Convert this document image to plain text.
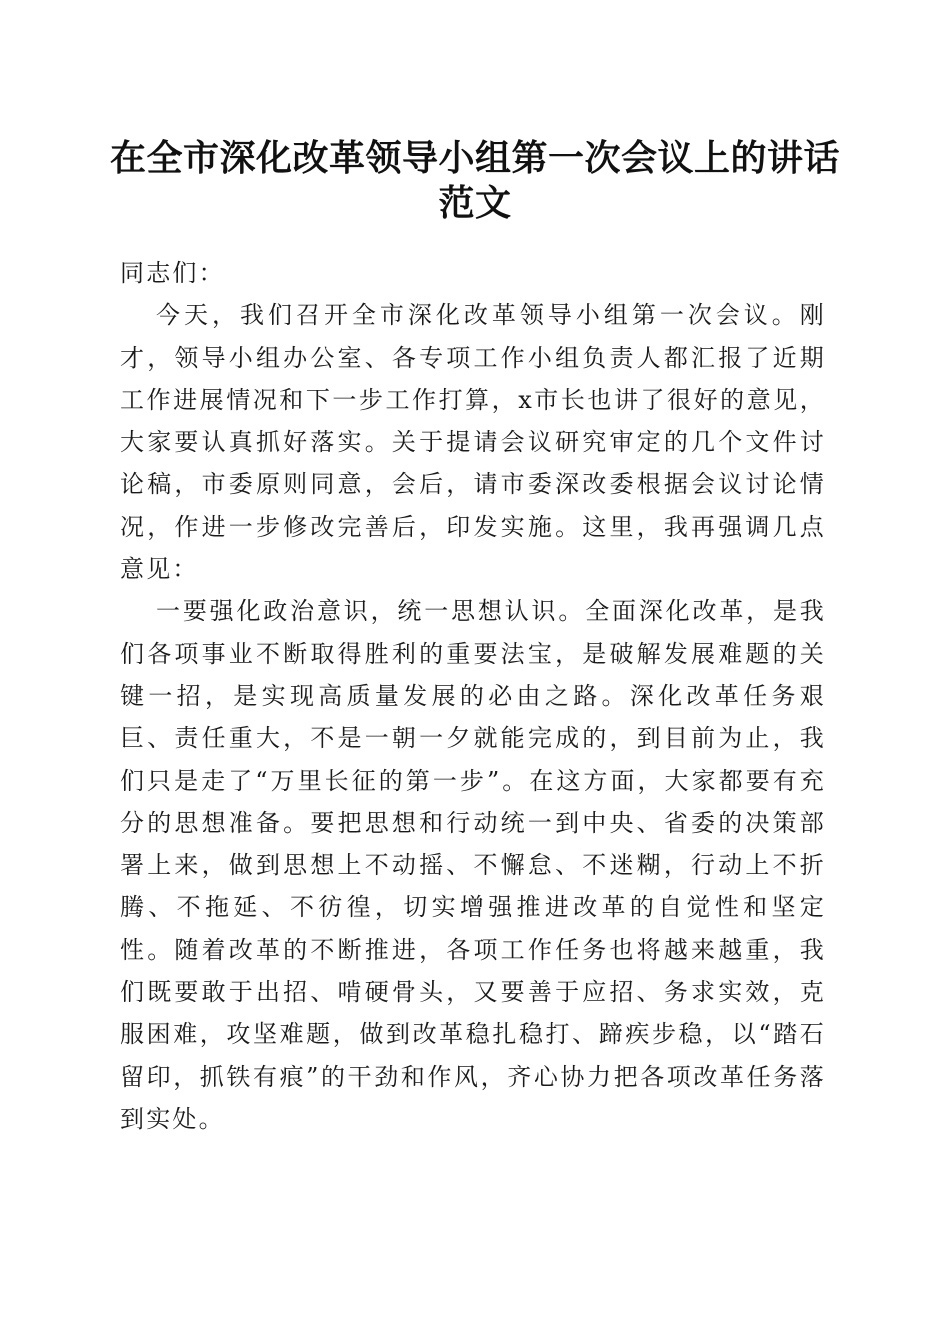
在全市深化改革领导小组第一次会议上的讲话范文

同志们：

今天，我们召开全市深化改革领导小组第一次会议。刚才，领导小组办公室、各专项工作小组负责人都汇报了近期工作进展情况和下一步工作打算，x市长也讲了很好的意见，大家要认真抓好落实。关于提请会议研究审定的几个文件讨论稿，市委原则同意，会后，请市委深改委根据会议讨论情况，作进一步修改完善后，印发实施。这里，我再强调几点意见：

一要强化政治意识，统一思想认识。全面深化改革，是我们各项事业不断取得胜利的重要法宝，是破解发展难题的关键一招，是实现高质量发展的必由之路。深化改革任务艰巨、责任重大，不是一朝一夕就能完成的，到目前为止，我们只是走了“万里长征的第一步”。在这方面，大家都要有充分的思想准备。要把思想和行动统一到中央、省委的决策部署上来，做到思想上不动摇、不懈怠、不迷糊，行动上不折腾、不拖延、不彷徨，切实增强推进改革的自觉性和坚定性。随着改革的不断推进，各项工作任务也将越来越重，我们既要敢于出招、啃硬骨头，又要善于应招、务求实效，克服困难，攻坚难题，做到改革稳扎稳打、蹄疾步稳，以“踏石留印，抓铁有痕”的干劲和作风，齐心协力把各项改革任务落到实处。
